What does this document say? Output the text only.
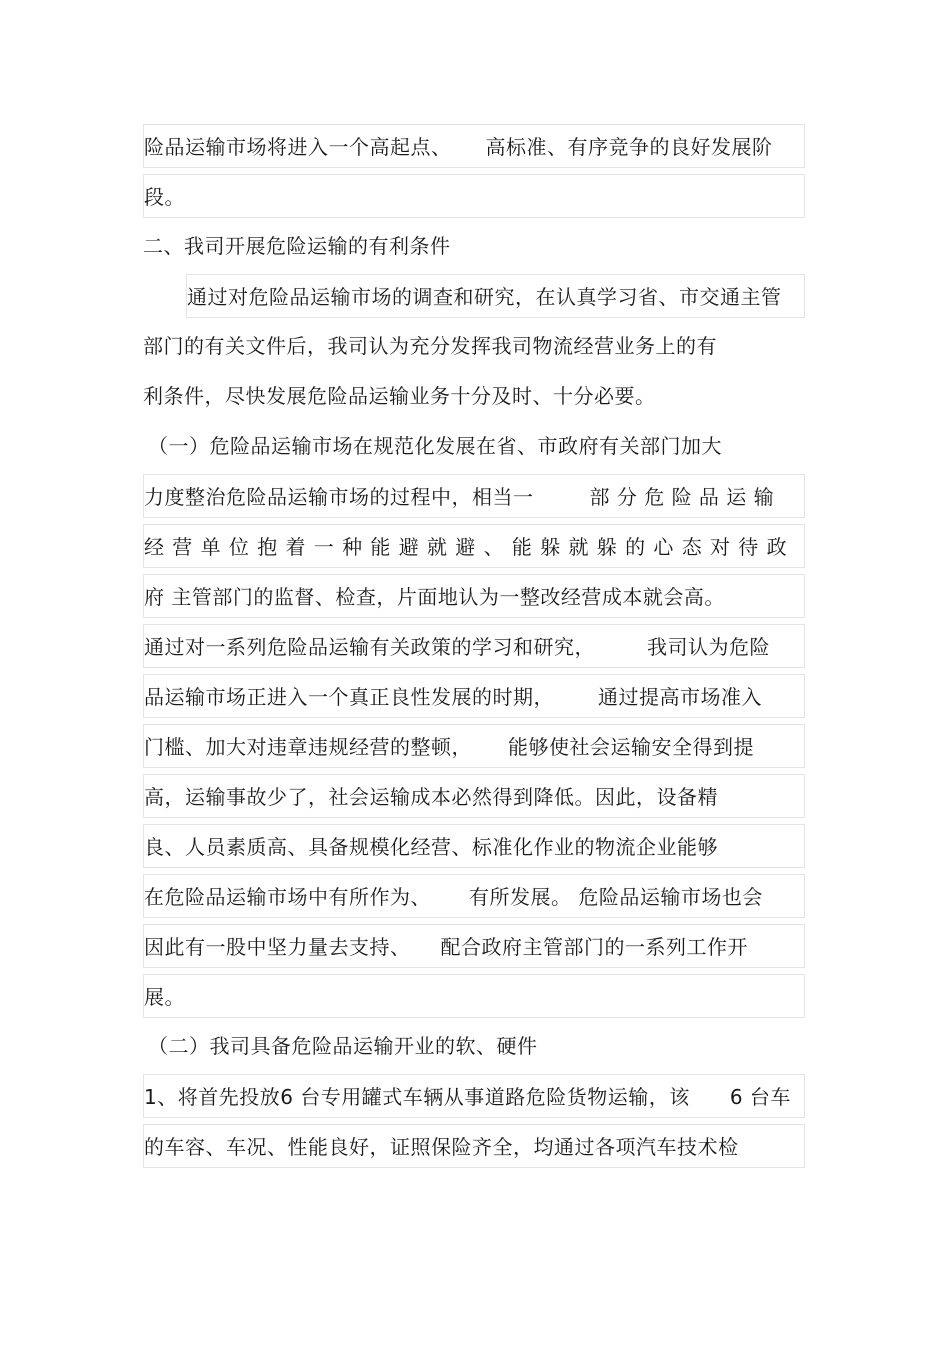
险品运输市场将进入一个高起点、 高标准、有序竞争的良好发展阶
段。
二、我司开展危险运输的有利条件
通过对危险品运输市场的调查和研究，在认真学习省、市交通主管
部门的有关文件后，我司认为充分发挥我司物流经营业务上的有
利条件，尽快发展危险品运输业务十分及时、十分必要。
（一）危险品运输市场在规范化发展在省、市政府有关部门加大
力度整治危险品运输市场的过程中，相当一	部 分 危 险 品 运 输
经营单位抱着一种能避就避、能躲就躲的心态对待政
府 主管部门的监督、检查，片面地认为一整改经营成本就会高。
通过对一系列危险品运输有关政策的学习和研究，	我司认为危险
品运输市场正进入一个真正良性发展的时期， 通过提高市场准入
门槛、加大对违章违规经营的整顿， 能够使社会运输安全得到提
高，运输事故少了，社会运输成本必然得到降低。因此，设备精
良、人员素质高、具备规模化经营、标准化作业的物流企业能够
在危险品运输市场中有所作为、 有所发展。 危险品运输市场也会
因此有一股中坚力量去支持、 配合政府主管部门的一系列工作开
展。
（二）我司具备危险品运输开业的软、硬件
1、将首先投放6 台专用罐式车辆从事道路危险货物运输，该 6 台车
的车容、车况、性能良好，证照保险齐全，均通过各项汽车技术检
